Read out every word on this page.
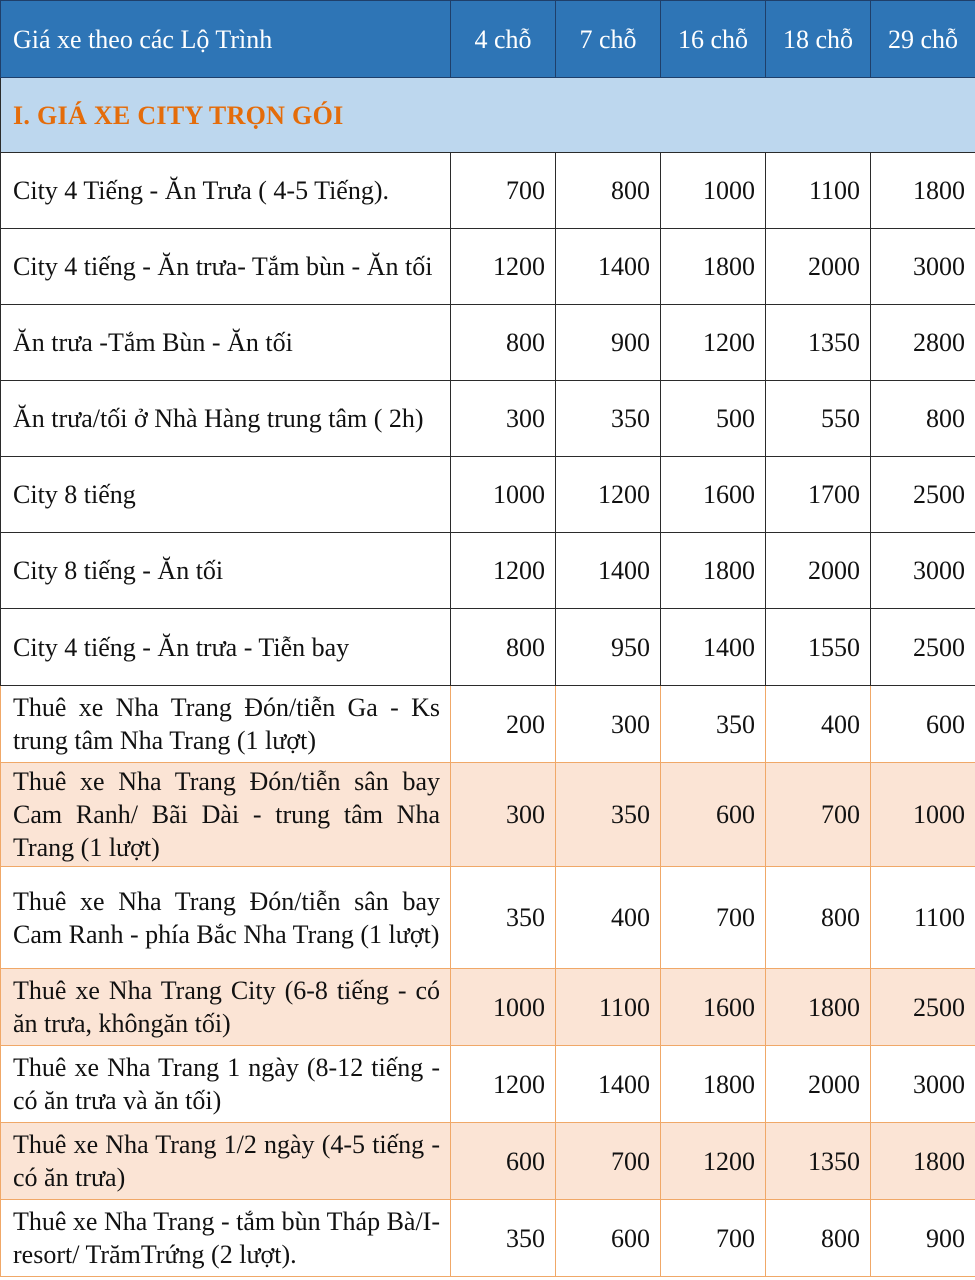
Giá xe theo các Lộ Trình	4 chỗ	7 chỗ	16 chỗ	18 chỗ	29 chỗ
I. GIÁ XE CITY TRỌN GÓI					
City 4 Tiếng - Ăn Trưa ( 4-5 Tiếng).	700	800	1000	1100	1800
City 4 tiếng - Ăn trưa- Tắm bùn - Ăn tối	1200	1400	1800	2000	3000
Ăn trưa -Tắm Bùn - Ăn tối	800	900	1200	1350	2800
Ăn trưa/tối ở Nhà Hàng trung tâm ( 2h)	300	350	500	550	800
City 8 tiếng	1000	1200	1600	1700	2500
City 8 tiếng - Ăn tối	1200	1400	1800	2000	3000
City 4 tiếng - Ăn trưa - Tiễn bay	800	950	1400	1550	2500
Thuê xe Nha Trang Đón/tiễn Ga - Ks trung tâm Nha Trang (1 lượt)	200	300	350	400	600
Thuê xe Nha Trang Đón/tiễn sân bay Cam Ranh/ Bãi Dài - trung tâm Nha Trang (1 lượt)	300	350	600	700	1000
Thuê xe Nha Trang Đón/tiễn sân bay Cam Ranh - phía Bắc Nha Trang (1 lượt)	350	400	700	800	1100
Thuê xe Nha Trang City (6-8 tiếng - có ăn trưa, khôngăn tối)	1000	1100	1600	1800	2500
Thuê xe Nha Trang 1 ngày (8-12 tiếng - có ăn trưa và ăn tối)	1200	1400	1800	2000	3000
Thuê xe Nha Trang 1/2 ngày (4-5 tiếng - có ăn trưa)	600	700	1200	1350	1800
Thuê xe Nha Trang - tắm bùn Tháp Bà/I-resort/ TrămTrứng (2 lượt).	350	600	700	800	900
